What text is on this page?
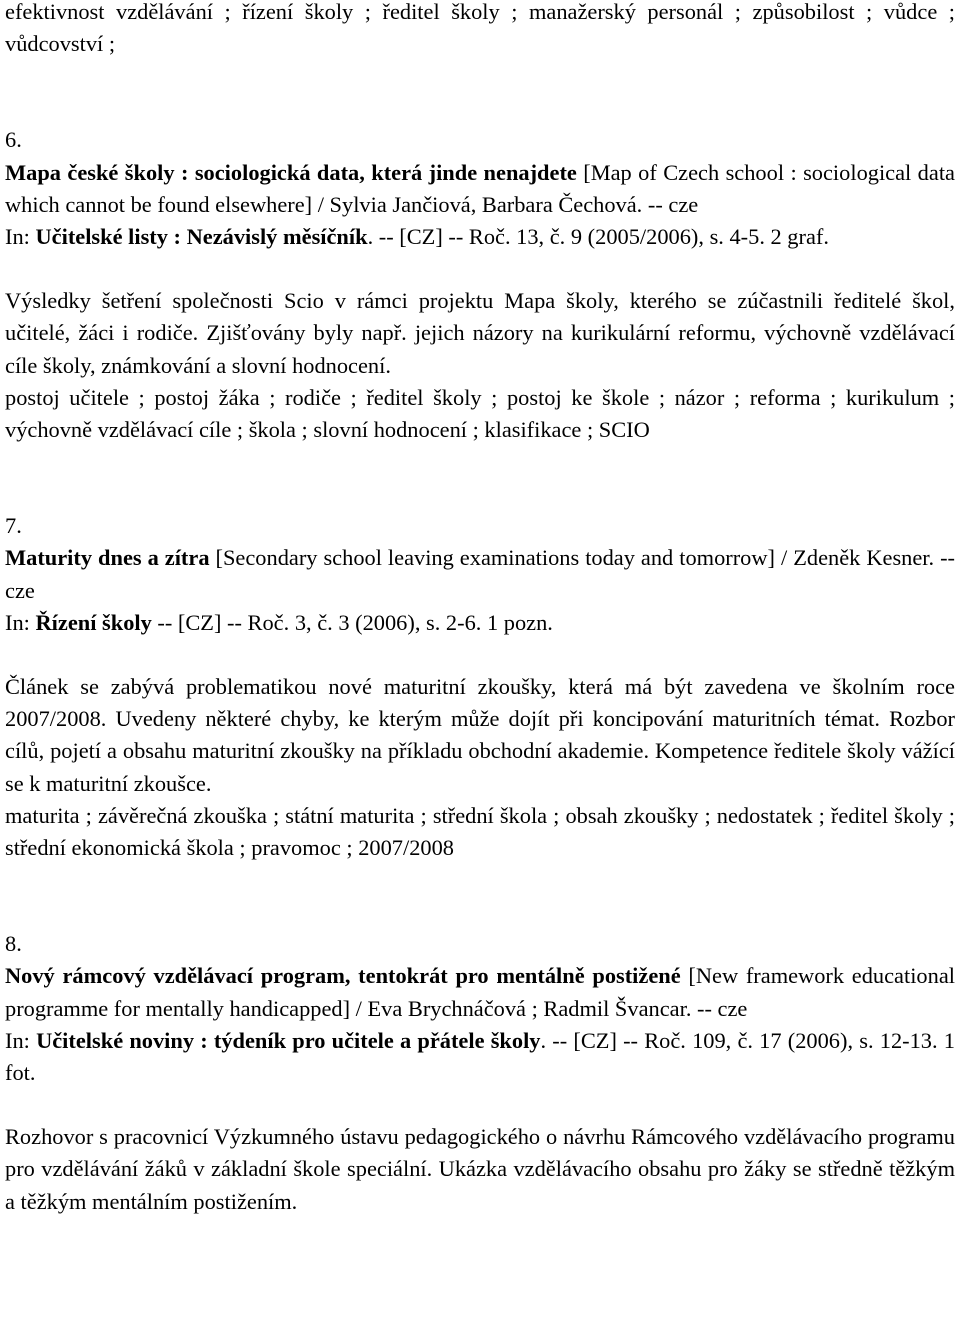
efektivnost vzdělávání ; řízení školy ; ředitel školy ; manažerský personál ; způsobilost ; vůdce ; vůdcovství ;

6.

Mapa české školy : sociologická data, která jinde nenajdete [Map of Czech school : sociological data which cannot be found elsewhere] / Sylvia Jančiová, Barbara Čechová. -- cze

In: Učitelské listy : Nezávislý měsíčník. -- [CZ] -- Roč. 13, č. 9 (2005/2006), s. 4-5. 2 graf.

Výsledky šetření společnosti Scio v rámci projektu Mapa školy, kterého se zúčastnili ředitelé škol, učitelé, žáci i rodiče. Zjišťovány byly např. jejich názory na kurikulární reformu, výchovně vzdělávací cíle školy, známkování a slovní hodnocení.

postoj učitele ; postoj žáka ; rodiče ; ředitel školy ; postoj ke škole ; názor ; reforma ; kurikulum ; výchovně vzdělávací cíle ; škola ; slovní hodnocení ; klasifikace ; SCIO

7.

Maturity dnes a zítra [Secondary school leaving examinations today and tomorrow] / Zdeněk Kesner. -- cze

In: Řízení školy -- [CZ] -- Roč. 3, č. 3 (2006), s. 2-6. 1 pozn.

Článek se zabývá problematikou nové maturitní zkoušky, která má být zavedena ve školním roce 2007/2008. Uvedeny některé chyby, ke kterým může dojít při koncipování maturitních témat. Rozbor cílů, pojetí a obsahu maturitní zkoušky na příkladu obchodní akademie. Kompetence ředitele školy vážící se k maturitní zkoušce.

maturita ; závěrečná zkouška ; státní maturita ; střední škola ; obsah zkoušky ; nedostatek ; ředitel školy ; střední ekonomická škola ; pravomoc ; 2007/2008

8.

Nový rámcový vzdělávací program, tentokrát pro mentálně postižené [New framework educational programme for mentally handicapped] / Eva Brychnáčová ; Radmil Švancar. -- cze

In: Učitelské noviny : týdeník pro učitele a přátele školy. -- [CZ] -- Roč. 109, č. 17 (2006), s. 12-13. 1 fot.

Rozhovor s pracovnicí Výzkumného ústavu pedagogického o návrhu Rámcového vzdělávacího programu pro vzdělávání žáků v základní škole speciální. Ukázka vzdělávacího obsahu pro žáky se středně těžkým a těžkým mentálním postižením.
